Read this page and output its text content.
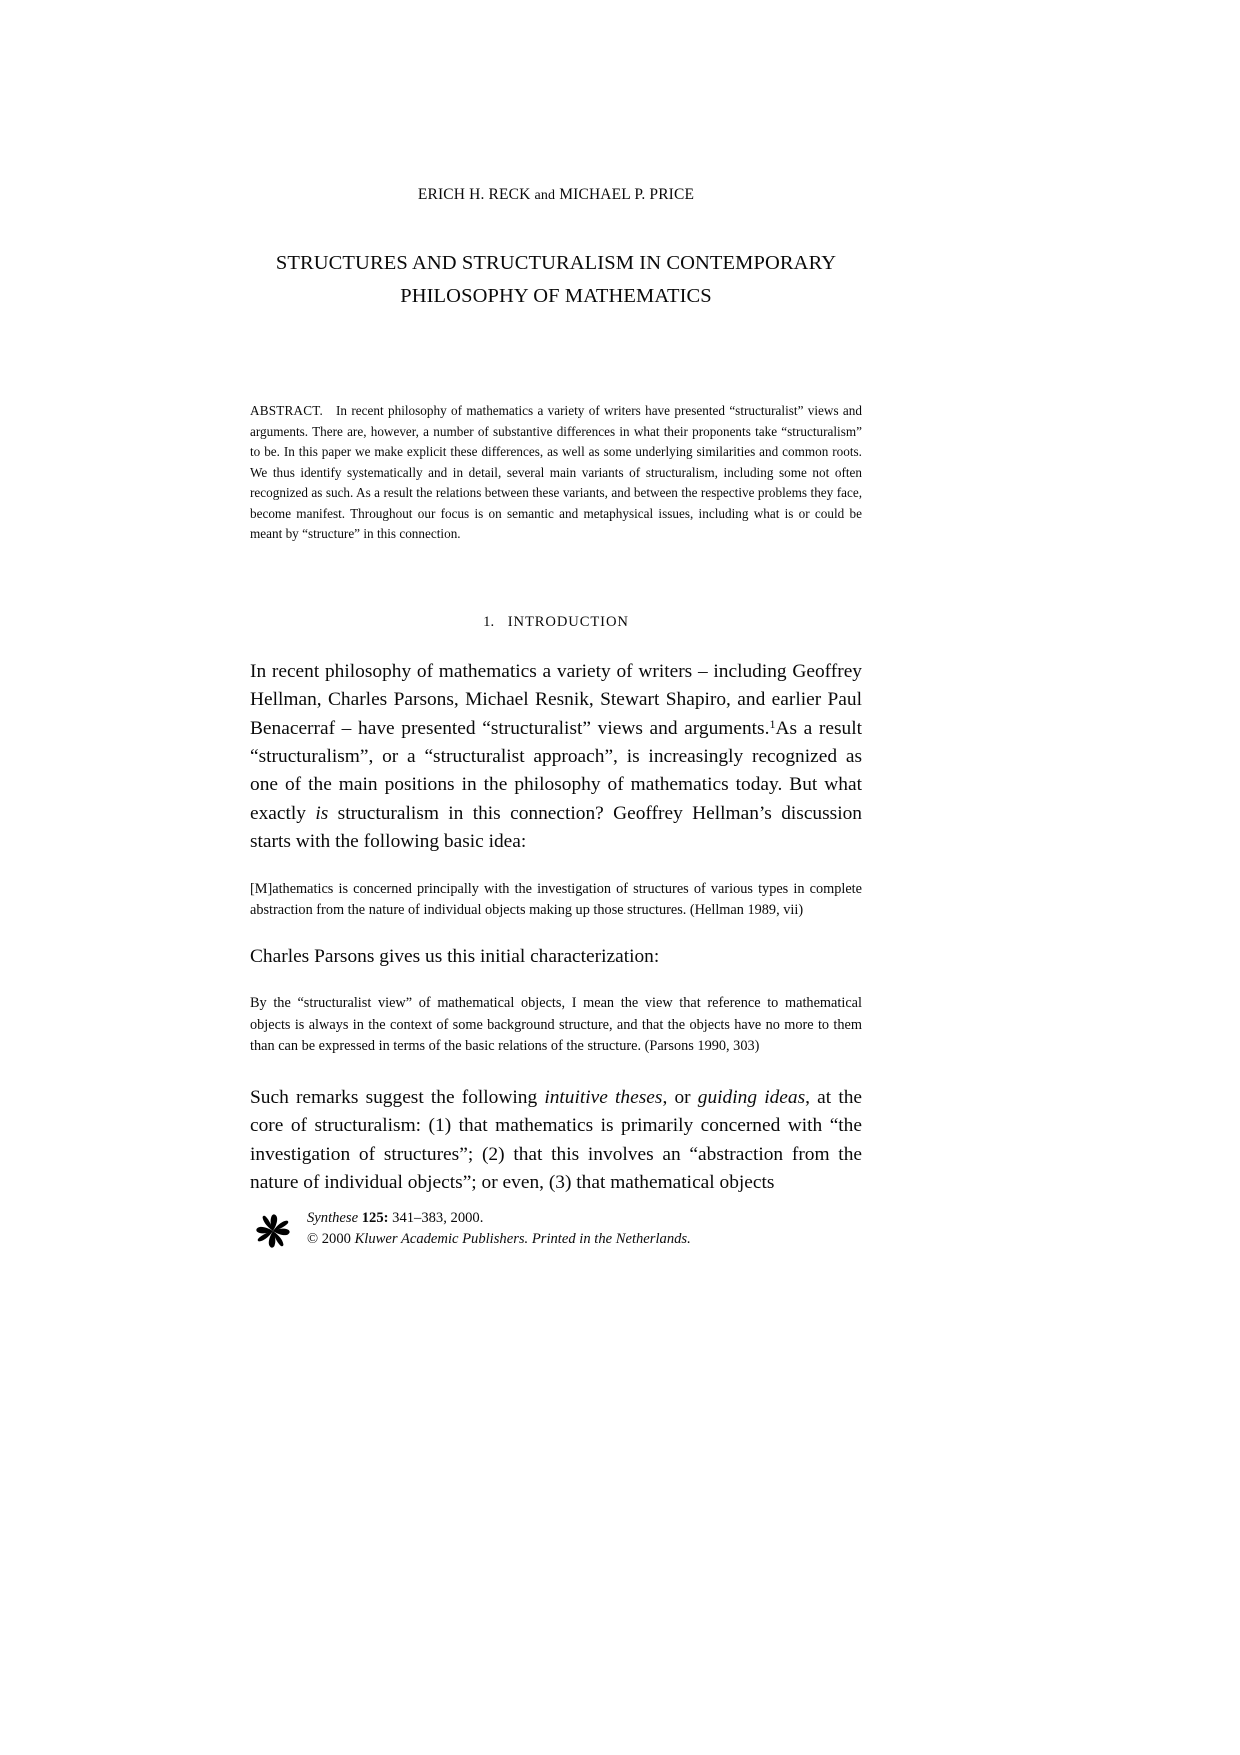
ERICH H. RECK and MICHAEL P. PRICE
STRUCTURES AND STRUCTURALISM IN CONTEMPORARY
PHILOSOPHY OF MATHEMATICS
ABSTRACT. In recent philosophy of mathematics a variety of writers have presented “structuralist” views and arguments. There are, however, a number of substantive differences in what their proponents take “structuralism” to be. In this paper we make explicit these differences, as well as some underlying similarities and common roots. We thus identify systematically and in detail, several main variants of structuralism, including some not often recognized as such. As a result the relations between these variants, and between the respective problems they face, become manifest. Throughout our focus is on semantic and metaphysical issues, including what is or could be meant by “structure” in this connection.
1. INTRODUCTION
In recent philosophy of mathematics a variety of writers – including Geoffrey Hellman, Charles Parsons, Michael Resnik, Stewart Shapiro, and earlier Paul Benacerraf – have presented “structuralist” views and arguments.$^1$As a result “structuralism”, or a “structuralist approach”, is increasingly recognized as one of the main positions in the philosophy of mathematics today. But what exactly is structuralism in this connection? Geoffrey Hellman’s discussion starts with the following basic idea:
[M]athematics is concerned principally with the investigation of structures of various types in complete abstraction from the nature of individual objects making up those structures. (Hellman 1989, vii)
Charles Parsons gives us this initial characterization:
By the “structuralist view” of mathematical objects, I mean the view that reference to mathematical objects is always in the context of some background structure, and that the objects have no more to them than can be expressed in terms of the basic relations of the structure. (Parsons 1990, 303)
Such remarks suggest the following intuitive theses, or guiding ideas, at the core of structuralism: (1) that mathematics is primarily concerned with “the investigation of structures”; (2) that this involves an “abstraction from the nature of individual objects”; or even, (3) that mathematical objects
Synthese 125: 341–383, 2000.
© 2000 Kluwer Academic Publishers. Printed in the Netherlands.
